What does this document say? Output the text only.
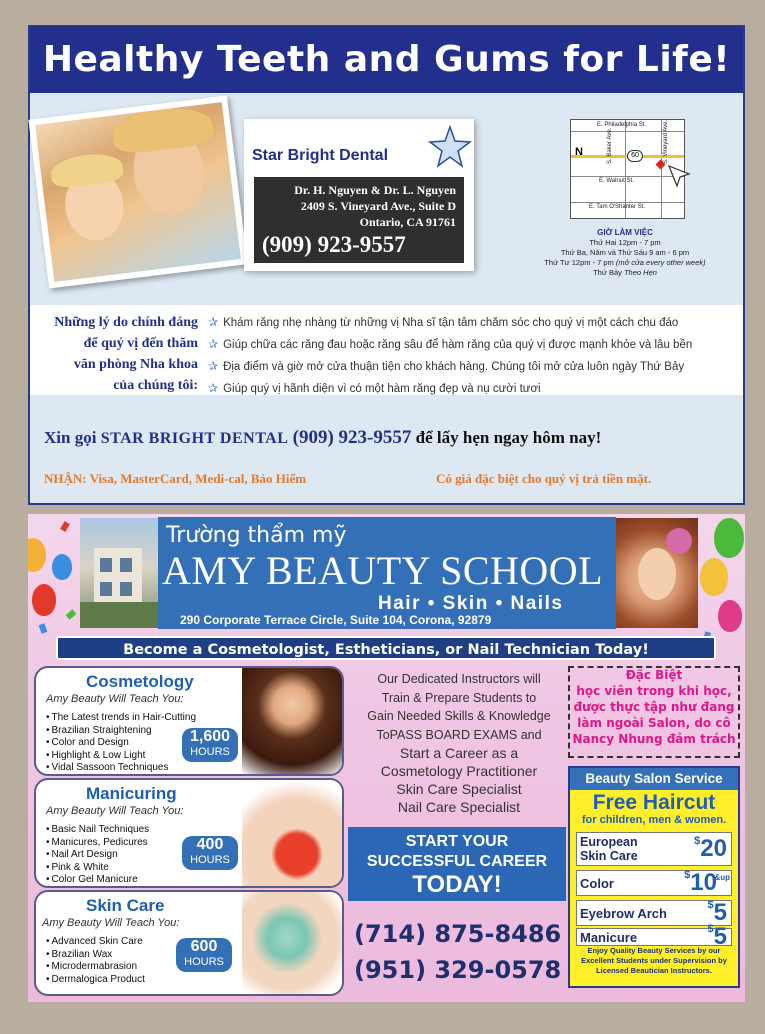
Healthy Teeth and Gums for Life!
Star Bright Dental
Dr. H. Nguyen & Dr. L. Nguyen
2409 S. Vineyard Ave., Suite D
Ontario, CA 91761
(909) 923-9557
E. Philadelphia St.
S. Baker Ave.	S. Vineyard Ave.
E. Walnut St.
E. Tam O'Shanter St.
60
N
GIỜ LÀM VIỆC
Thứ Hai 12pm - 7 pm
Thứ Ba, Năm và Thứ Sáu 9 am - 6 pm
Thứ Tư 12pm - 7 pm (mở cửa every other week)
Thứ Bảy Theo Hẹn
Những lý do chính đáng
để quý vị đến thăm
văn phòng Nha khoa
của chúng tôi:
✰ Khám răng nhẹ nhàng từ những vị Nha sĩ tận tâm chăm sóc cho quý vị một cách chu đáo
✰ Giúp chữa các răng đau hoặc răng sâu để hàm răng của quý vị được mạnh khỏe và lâu bền
✰ Địa điểm và giờ mở cửa thuận tiện cho khách hàng. Chúng tôi mở cửa luôn ngày Thứ Bảy
✰ Giúp quý vị hãnh diện vì có một hàm răng đẹp và nụ cười tươi
Xin gọi STAR BRIGHT DENTAL (909) 923-9557 để lấy hẹn ngay hôm nay!
NHẬN: Visa, MasterCard, Medi-cal, Bảo Hiểm	Có giá đặc biệt cho quý vị trả tiền mặt.
Trường thẩm mỹ
AMY BEAUTY SCHOOL
Hair • Skin • Nails
290 Corporate Terrace Circle, Suite 104, Corona, 92879
Become a Cosmetologist, Estheticians, or Nail Technician Today!
Cosmetology
Amy Beauty Will Teach You:
• The Latest trends in Hair-Cutting
• Brazilian Straightening
• Color and Design
• Highlight & Low Light
• Vidal Sassoon Techniques
1,600
HOURS
Manicuring
Amy Beauty Will Teach You:
• Basic Nail Techniques
• Manicures, Pedicures
• Nail Art Design
• Pink & White
• Color Gel Manicure
400
HOURS
Skin Care
Amy Beauty Will Teach You:
• Advanced Skin Care
• Brazilian Wax
• Microdermabrasion
• Dermalogica Product
600
HOURS
Our Dedicated Instructors will
Train & Prepare Students to
Gain Needed Skills & Knowledge
ToPASS BOARD EXAMS and
Start a Career as a
Cosmetology Practitioner
Skin Care Specialist
Nail Care Specialist
START YOUR
SUCCESSFUL CAREER
TODAY!
(714) 875-8486
(951) 329-0578
Đặc Biệt
học viên trong khi học,
được thực tập như đang
làm ngoài Salon, do cô
Nancy Nhung đảm trách
Beauty Salon Service
Free Haircut
for children, men & women.
European Skin Care
$20
Color
$10
&up
Eyebrow Arch
$5
Manicure
$5
Enjoy Quality Beauty Services by our Excellent Students under Supervision by Licensed Beautician Instructors.
